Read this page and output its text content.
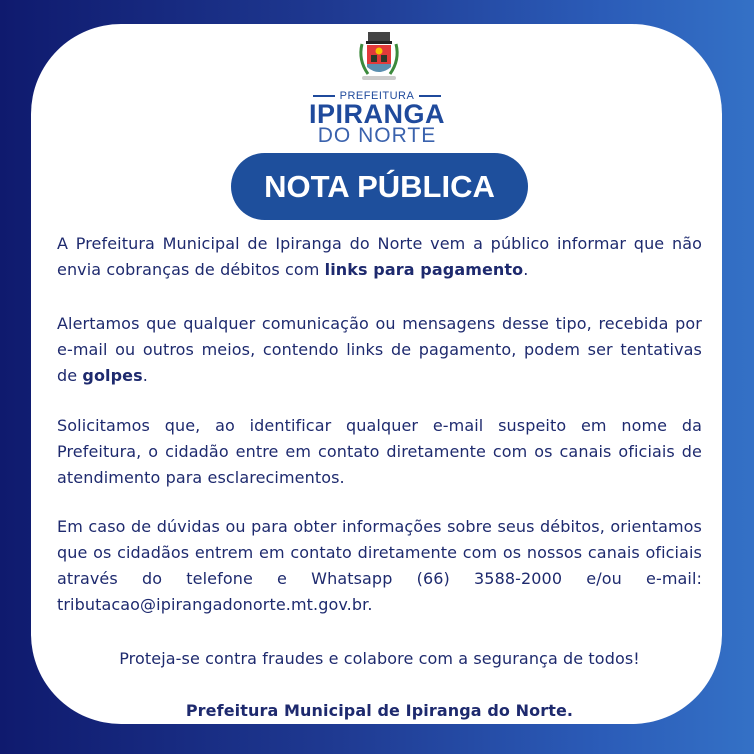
PREFEITURA
IPIRANGA
DO NORTE
NOTA PÚBLICA
A Prefeitura Municipal de Ipiranga do Norte vem a público informar que não envia cobranças de débitos com links para pagamento.
Alertamos que qualquer comunicação ou mensagens desse tipo, recebida por e-mail ou outros meios, contendo links de pagamento, podem ser tentativas de golpes.
Solicitamos que, ao identificar qualquer e-mail suspeito em nome da Prefeitura, o cidadão entre em contato diretamente com os canais oficiais de atendimento para esclarecimentos.
Em caso de dúvidas ou para obter informações sobre seus débitos, orientamos que os cidadãos entrem em contato diretamente com os nossos canais oficiais através do telefone e Whatsapp (66) 3588-2000 e/ou e-mail: tributacao@ipirangadonorte.mt.gov.br.
Proteja-se contra fraudes e colabore com a segurança de todos!
Prefeitura Municipal de Ipiranga do Norte.
